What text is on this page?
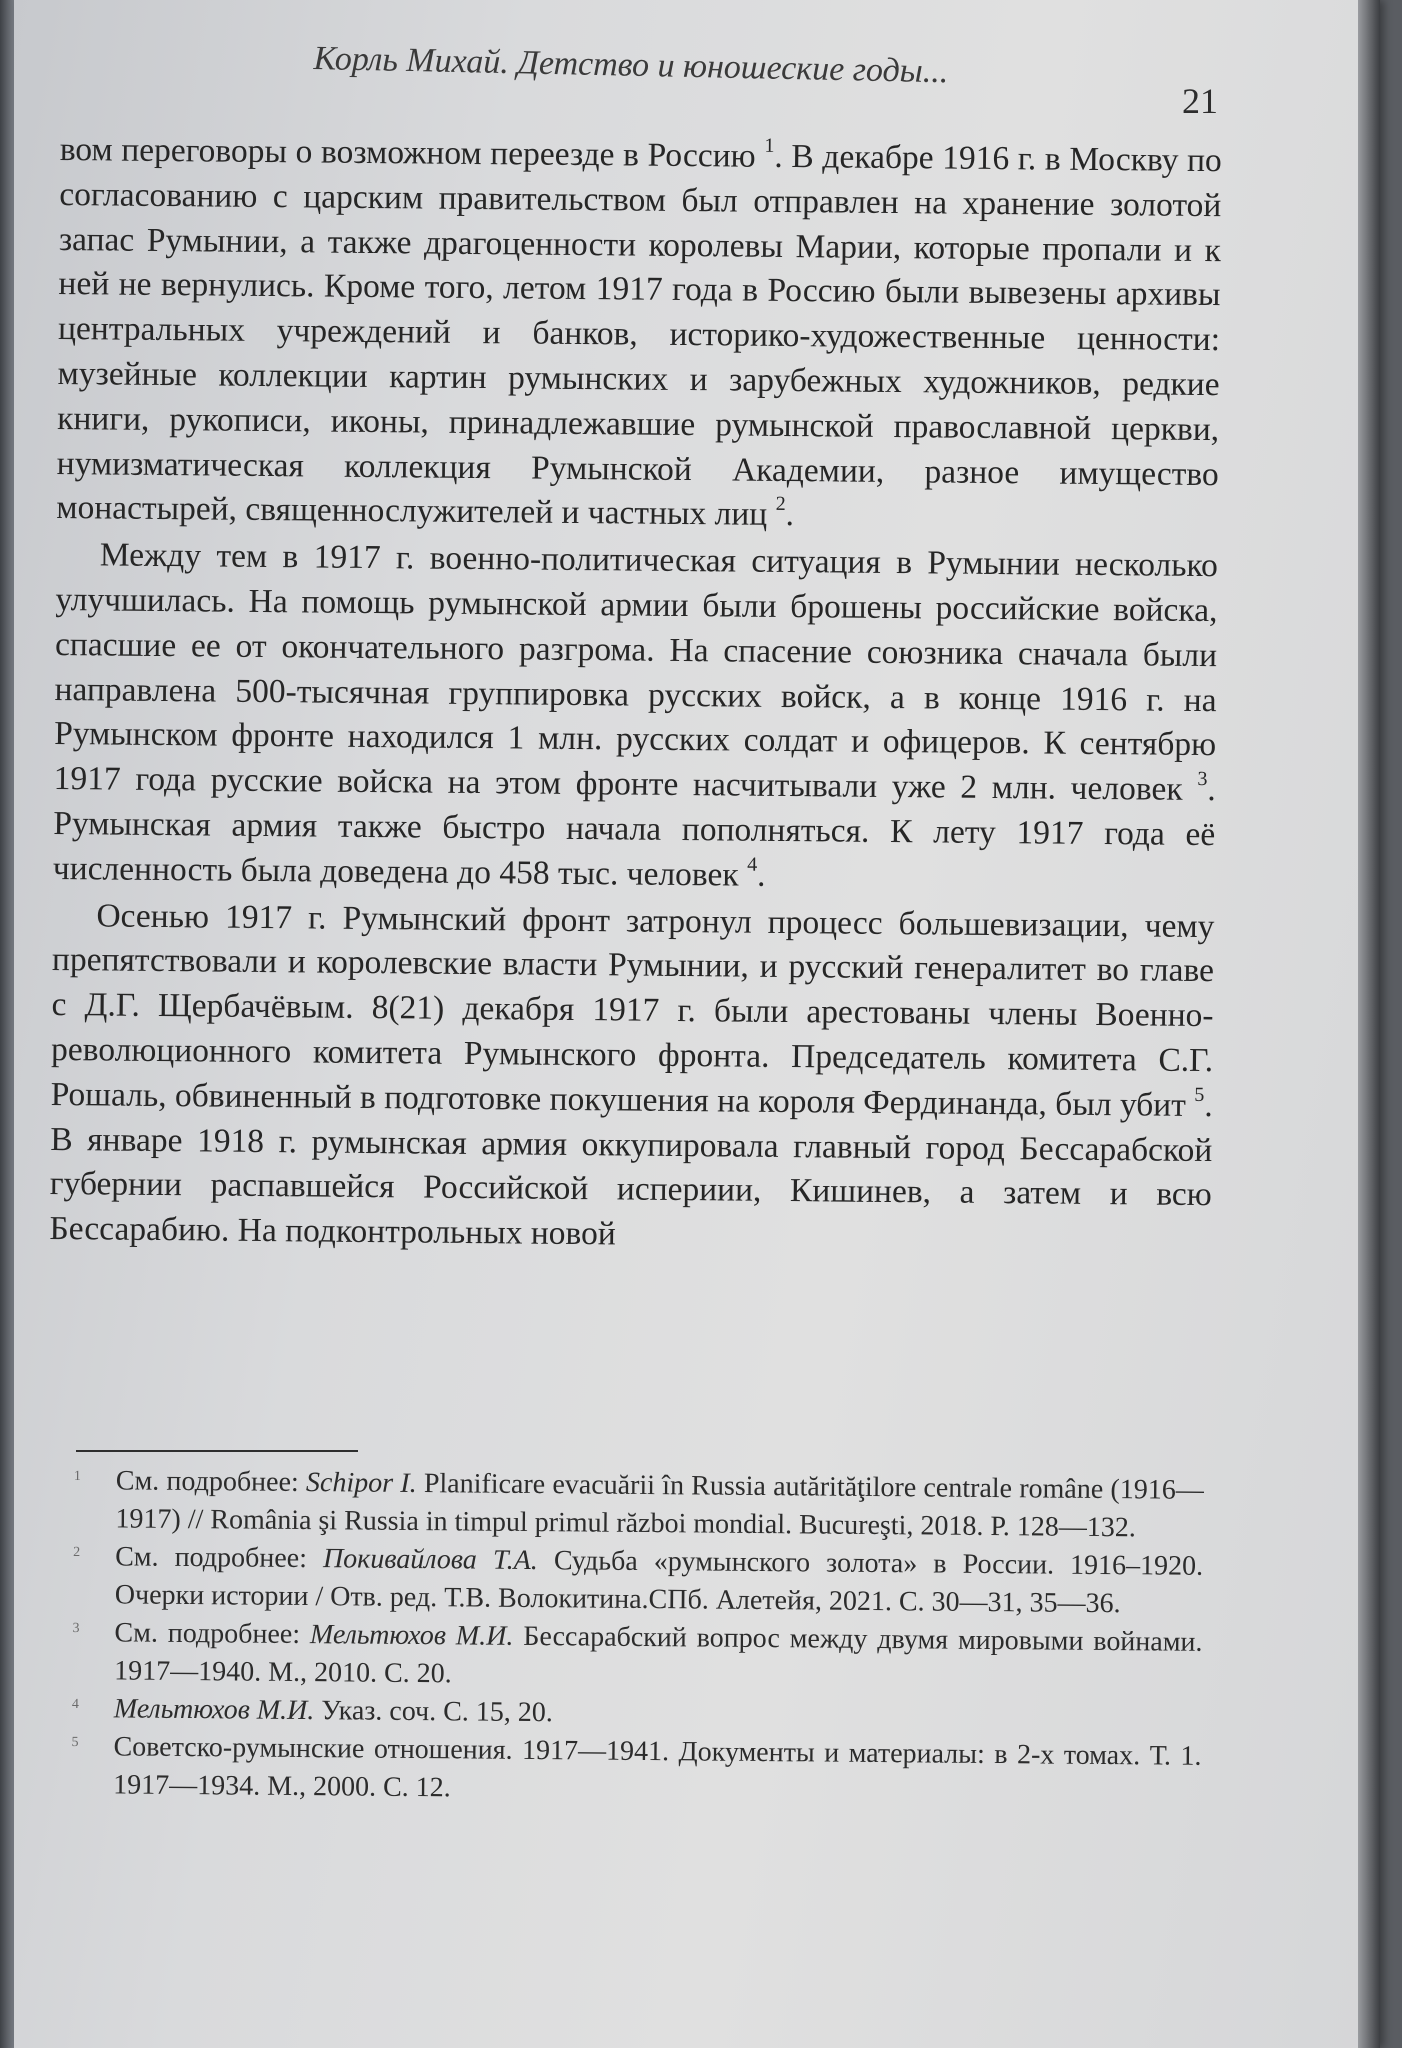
Корль Михай. Детство и юношеские годы...
21

вом переговоры о возможном переезде в Россию $^1$. В декабре 1916 г. в Москву по согласованию с царским правительством был отправлен на хранение золотой запас Румынии, а также драгоценности королевы Марии, которые пропали и к ней не вернулись. Кроме того, летом 1917 года в Россию были вывезены архивы центральных учреждений и банков, историко-художественные ценности: музейные коллекции картин румынских и зарубежных художников, редкие книги, рукописи, иконы, принадлежавшие румынской православной церкви, нумизматическая коллекция Румынской Академии, разное имущество монастырей, священнослужителей и частных лиц $^2$.

Между тем в 1917 г. военно-политическая ситуация в Румынии несколько улучшилась. На помощь румынской армии были брошены российские войска, спасшие ее от окончательного разгрома. На спасение союзника сначала были направлена 500-тысячная группировка русских войск, а в конце 1916 г. на Румынском фронте находился 1 млн. русских солдат и офицеров. К сентябрю 1917 года русские войска на этом фронте насчитывали уже 2 млн. человек $^3$. Румынская армия также быстро начала пополняться. К лету 1917 года её численность была доведена до 458 тыс. человек $^4$.

Осенью 1917 г. Румынский фронт затронул процесс большевизации, чему препятствовали и королевские власти Румынии, и русский генералитет во главе с Д.Г. Щербачёвым. 8(21) декабря 1917 г. были арестованы члены Военно-революционного комитета Румынского фронта. Председатель комитета С.Г. Рошаль, обвиненный в подготовке покушения на короля Фердинанда, был убит $^5$. В январе 1918 г. румынская армия оккупировала главный город Бессарабской губернии распавшейся Российской испериии, Кишинев, а затем и всю Бессарабию. На подконтрольных новой

1 См. подробнее: Schipor I. Planificare evacuării în Russia autărităţilore centrale române (1916—1917) // România şi Russia in timpul primul război mondial. Bucureşti, 2018. P. 128—132.
2 См. подробнее: Покивайлова Т.А. Судьба «румынского золота» в России. 1916–1920. Очерки истории / Отв. ред. Т.В. Волокитина.СПб. Алетейя, 2021. С. 30—31, 35—36.
3 См. подробнее: Мельтюхов М.И. Бессарабский вопрос между двумя мировыми войнами. 1917—1940. М., 2010. С. 20.
4 Мельтюхов М.И. Указ. соч. С. 15, 20.
5 Советско-румынские отношения. 1917—1941. Документы и материалы: в 2-х томах. Т. 1. 1917—1934. М., 2000. С. 12.
